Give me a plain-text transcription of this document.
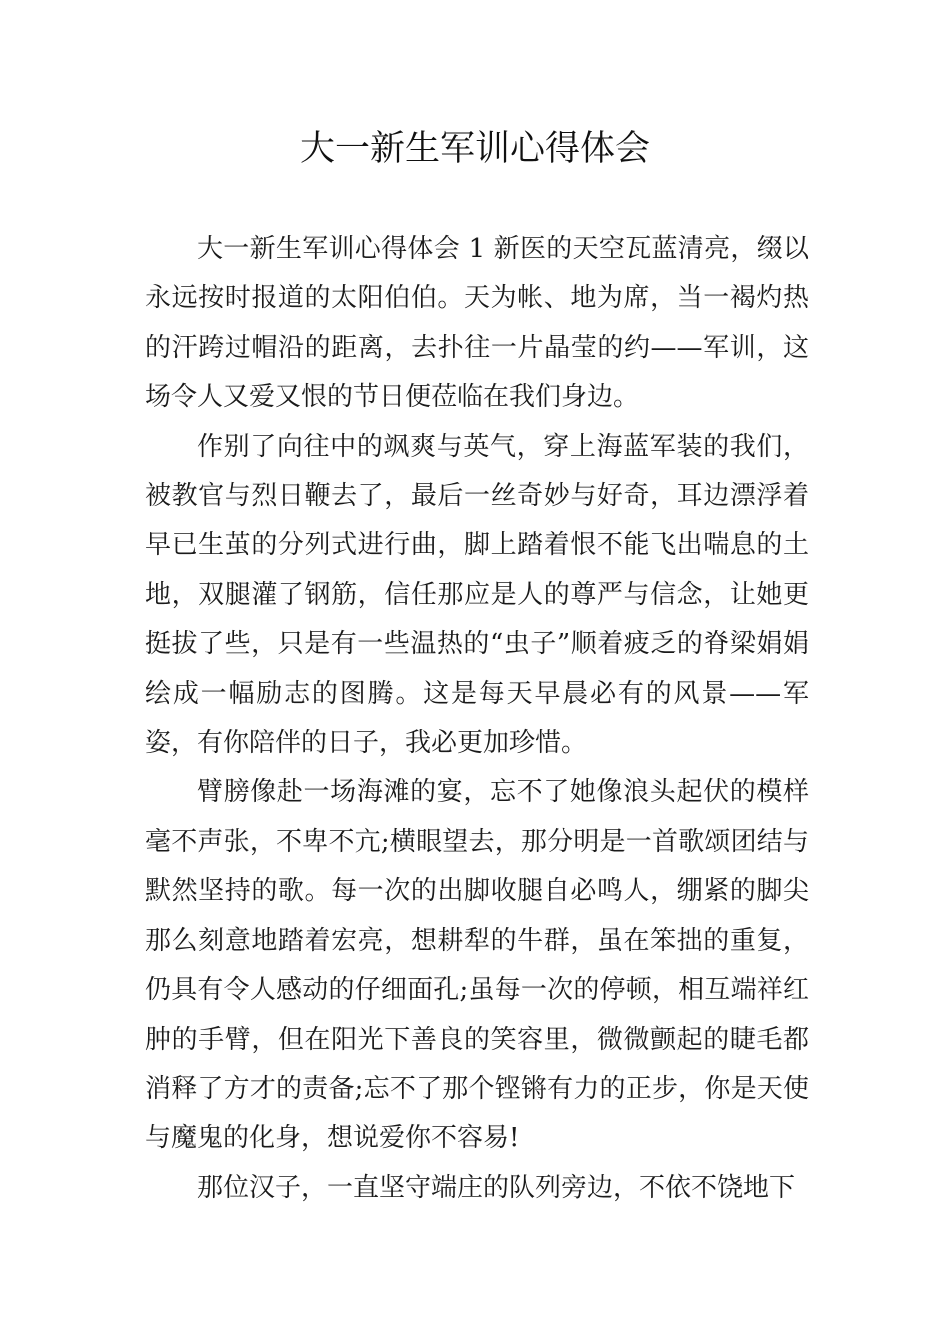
大一新生军训心得体会

大一新生军训心得体会 1 新医的天空瓦蓝清亮，缀以永远按时报道的太阳伯伯。天为帐、地为席，当一褐灼热的汗跨过帽沿的距离，去扑往一片晶莹的约——军训，这场令人又爱又恨的节日便莅临在我们身边。

作别了向往中的飒爽与英气，穿上海蓝军装的我们，被教官与烈日鞭去了，最后一丝奇妙与好奇，耳边漂浮着早已生茧的分列式进行曲，脚上踏着恨不能飞出喘息的土地，双腿灌了钢筋，信任那应是人的尊严与信念，让她更挺拔了些，只是有一些温热的“虫子”顺着疲乏的脊梁娟娟绘成一幅励志的图腾。这是每天早晨必有的风景——军姿，有你陪伴的日子，我必更加珍惜。

臂膀像赴一场海滩的宴，忘不了她像浪头起伏的模样毫不声张，不卑不亢;横眼望去，那分明是一首歌颂团结与默然坚持的歌。每一次的出脚收腿自必鸣人，绷紧的脚尖那么刻意地踏着宏亮，想耕犁的牛群，虽在笨拙的重复，仍具有令人感动的仔细面孔;虽每一次的停顿，相互端祥红肿的手臂，但在阳光下善良的笑容里，微微颤起的睫毛都消释了方才的责备;忘不了那个铿锵有力的正步，你是天使与魔鬼的化身，想说爱你不容易!

那位汉子，一直坚守端庄的队列旁边，不依不饶地下
